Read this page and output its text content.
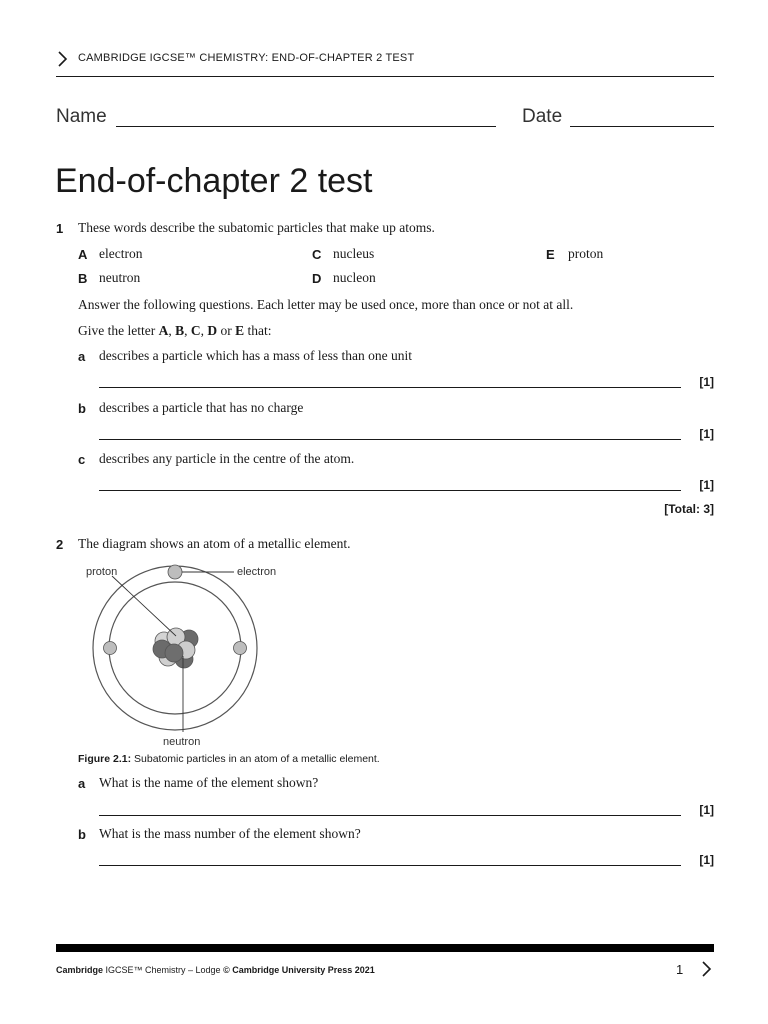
CAMBRIDGE IGCSE™ CHEMISTRY: END-OF-CHAPTER 2 TEST
Name	Date
End-of-chapter 2 test
1 These words describe the subatomic particles that make up atoms.
A electron
B neutron
C nucleus
D nucleon
E proton
Answer the following questions. Each letter may be used once, more than once or not at all.
Give the letter A, B, C, D or E that:
a describes a particle which has a mass of less than one unit
[1]
b describes a particle that has no charge
[1]
c describes any particle in the centre of the atom.
[1]
[Total: 3]
2 The diagram shows an atom of a metallic element.
proton	electron
neutron
Figure 2.1: Subatomic particles in an atom of a metallic element.
a What is the name of the element shown?
[1]
b What is the mass number of the element shown?
[1]
Cambridge IGCSE™ Chemistry – Lodge © Cambridge University Press 2021	1
